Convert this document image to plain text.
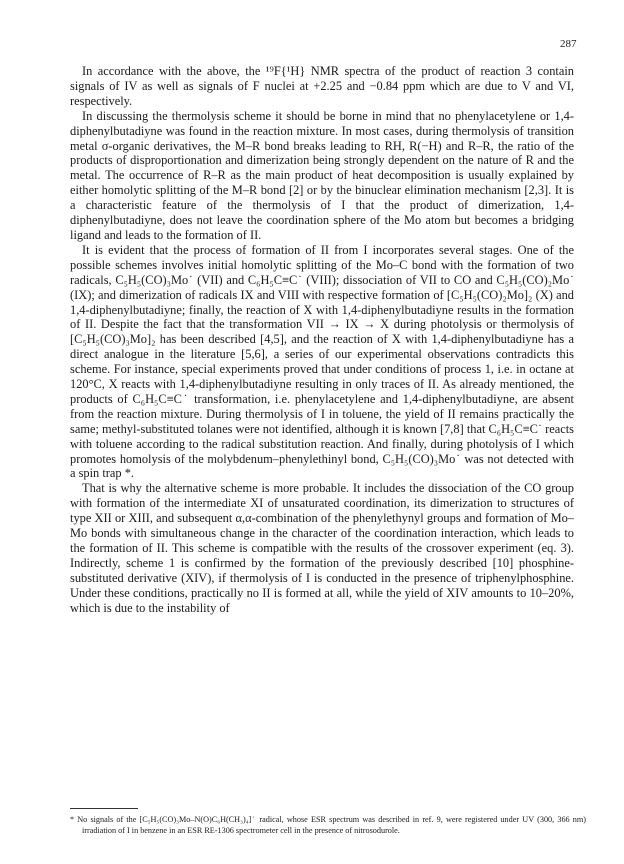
287

In accordance with the above, the ¹⁹F{¹H} NMR spectra of the product of reaction 3 contain signals of IV as well as signals of F nuclei at +2.25 and −0.84 ppm which are due to V and VI, respectively.

In discussing the thermolysis scheme it should be borne in mind that no phenylacetylene or 1,4-diphenylbutadiyne was found in the reaction mixture. In most cases, during thermolysis of transition metal σ-organic derivatives, the M–R bond breaks leading to RH, R(−H) and R–R, the ratio of the products of disproportionation and dimerization being strongly dependent on the nature of R and the metal. The occurrence of R–R as the main product of heat decomposition is usually explained by either homolytic splitting of the M–R bond [2] or by the binuclear elimination mechanism [2,3]. It is a characteristic feature of the thermolysis of I that the product of dimerization, 1,4-diphenylbutadiyne, does not leave the coordination sphere of the Mo atom but becomes a bridging ligand and leads to the formation of II.

It is evident that the process of formation of II from I incorporates several stages. One of the possible schemes involves initial homolytic splitting of the Mo–C bond with the formation of two radicals, C₅H₅(CO)₃Mo˙ (VII) and C₆H₅C≡C˙ (VIII); dissociation of VII to CO and C₅H₅(CO)₂Mo˙ (IX); and dimerization of radicals IX and VIII with respective formation of [C₅H₅(CO)₂Mo]₂ (X) and 1,4-diphenylbutadiyne; finally, the reaction of X with 1,4-diphenylbutadiyne results in the formation of II. Despite the fact that the transformation VII → IX → X during photolysis or thermolysis of [C₅H₅(CO)₃Mo]₂ has been described [4,5], and the reaction of X with 1,4-diphenylbutadiyne has a direct analogue in the literature [5,6], a series of our experimental observations contradicts this scheme. For instance, special experiments proved that under conditions of process 1, i.e. in octane at 120°C, X reacts with 1,4-diphenylbutadiyne resulting in only traces of II. As already mentioned, the products of C₆H₅C≡C˙ transformation, i.e. phenylacetylene and 1,4-diphenylbutadiyne, are absent from the reaction mixture. During thermolysis of I in toluene, the yield of II remains practically the same; methyl-substituted tolanes were not identified, although it is known [7,8] that C₆H₅C≡C˙ reacts with toluene according to the radical substitution reaction. And finally, during photolysis of I which promotes homolysis of the molybdenum–phenylethinyl bond, C₅H₅(CO)₃Mo˙ was not detected with a spin trap *.

That is why the alternative scheme is more probable. It includes the dissociation of the CO group with formation of the intermediate XI of unsaturated coordination, its dimerization to structures of type XII or XIII, and subsequent α,α-combination of the phenylethynyl groups and formation of Mo–Mo bonds with simultaneous change in the character of the coordination interaction, which leads to the formation of II. This scheme is compatible with the results of the crossover experiment (eq. 3). Indirectly, scheme 1 is confirmed by the formation of the previously described [10] phosphine-substituted derivative (XIV), if thermolysis of I is conducted in the presence of triphenylphosphine. Under these conditions, practically no II is formed at all, while the yield of XIV amounts to 10–20%, which is due to the instability of

* No signals of the [C₅H₅(CO)₃Mo–N(O)C₆H(CH₃)₄]˙ radical, whose ESR spectrum was described in ref. 9, were registered under UV (300, 366 nm) irradiation of I in benzene in an ESR RE-1306 spectrometer cell in the presence of nitrosodurole.
